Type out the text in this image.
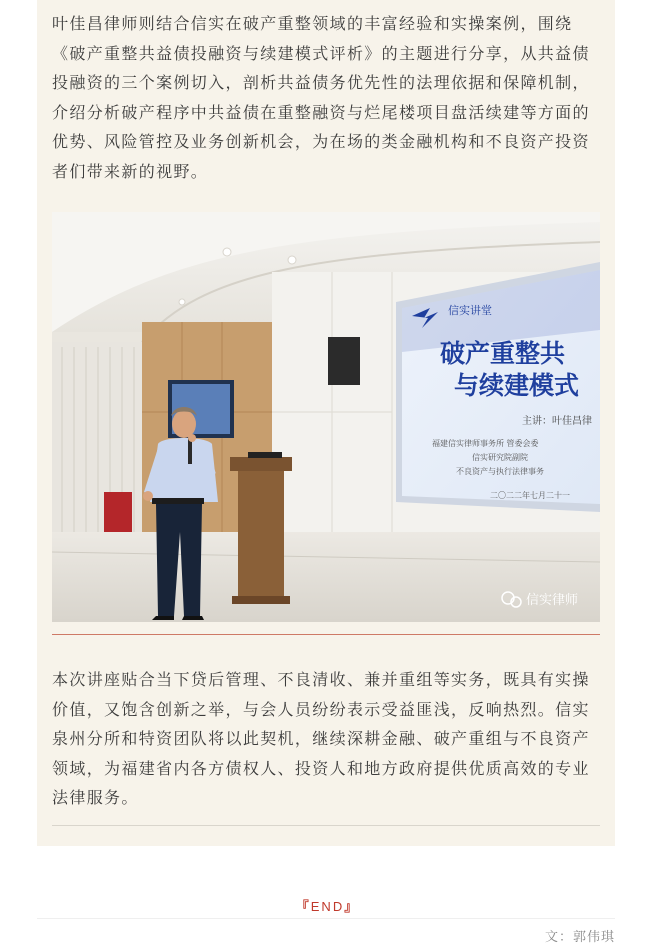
叶佳昌律师则结合信实在破产重整领域的丰富经验和实操案例，围绕《破产重整共益债投融资与续建模式评析》的主题进行分享，从共益债投融资的三个案例切入，剖析共益债务优先性的法理依据和保障机制，介绍分析破产程序中共益债在重整融资与烂尾楼项目盘活续建等方面的优势、风险管控及业务创新机会，为在场的类金融机构和不良资产投资者们带来新的视野。

信实讲堂
破产重整共
与续建模式
主讲：叶佳昌律
福建信实律师事务所 管委会委
信实研究院副院
不良资产与执行法律事务
二〇二二年七月二十一
信实律师

本次讲座贴合当下贷后管理、不良清收、兼并重组等实务，既具有实操价值，又饱含创新之举，与会人员纷纷表示受益匪浅，反响热烈。信实泉州分所和特资团队将以此契机，继续深耕金融、破产重组与不良资产领域，为福建省内各方债权人、投资人和地方政府提供优质高效的专业法律服务。

『END』
文：郭伟琪
